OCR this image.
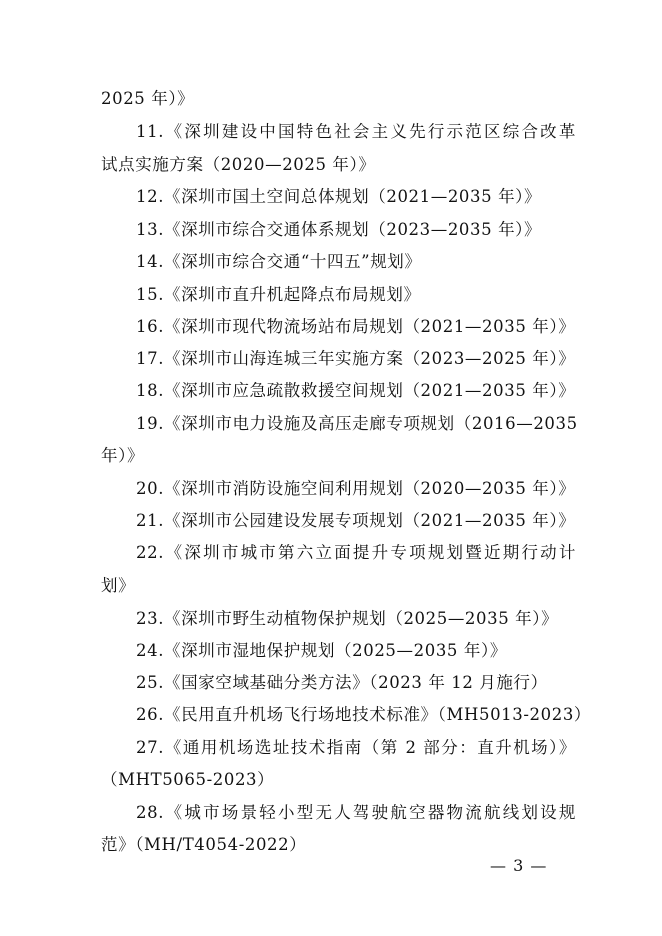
2025 年）》
11.《深圳建设中国特色社会主义先行示范区综合改革
试点实施方案（2020—2025 年）》
12.《深圳市国土空间总体规划（2021—2035 年）》
13.《深圳市综合交通体系规划（2023—2035 年）》
14.《深圳市综合交通“十四五”规划》
15.《深圳市直升机起降点布局规划》
16.《深圳市现代物流场站布局规划（2021—2035 年）》
17.《深圳市山海连城三年实施方案（2023—2025 年）》
18.《深圳市应急疏散救援空间规划（2021—2035 年）》
19.《深圳市电力设施及高压走廊专项规划（2016—2035
年）》
20.《深圳市消防设施空间利用规划（2020—2035 年）》
21.《深圳市公园建设发展专项规划（2021—2035 年）》
22.《深圳市城市第六立面提升专项规划暨近期行动计
划》
23.《深圳市野生动植物保护规划（2025—2035 年）》
24.《深圳市湿地保护规划（2025—2035 年）》
25.《国家空域基础分类方法》（2023 年 12 月施行）
26.《民用直升机场飞行场地技术标准》（MH5013-2023）
27.《通用机场选址技术指南（第 2 部分：直升机场）》
（MHT5065-2023）
28.《城市场景轻小型无人驾驶航空器物流航线划设规
范》（MH/T4054-2022）
— 3 —
